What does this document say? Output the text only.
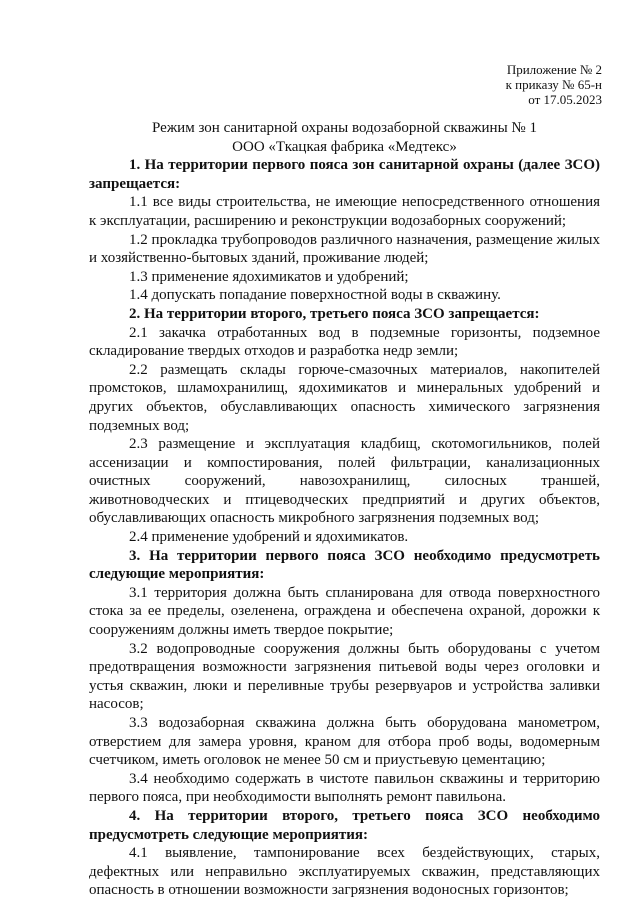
Приложение № 2
к приказу № 65-н
от 17.05.2023
Режим зон санитарной охраны водозаборной скважины № 1
ООО «Ткацкая фабрика «Медтекс»
1. На территории первого пояса зон санитарной охраны (далее ЗСО) запрещается:
1.1 все виды строительства, не имеющие непосредственного отношения к эксплуатации, расширению и реконструкции водозаборных сооружений;
1.2 прокладка трубопроводов различного назначения, размещение жилых и хозяйственно-бытовых зданий, проживание людей;
1.3 применение ядохимикатов и удобрений;
1.4 допускать попадание поверхностной воды в скважину.
2. На территории второго, третьего пояса ЗСО запрещается:
2.1 закачка отработанных вод в подземные горизонты, подземное складирование твердых отходов и разработка недр земли;
2.2 размещать склады горюче-смазочных материалов, накопителей промстоков, шламохранилищ, ядохимикатов и минеральных удобрений и других объектов, обуславливающих опасность химического загрязнения подземных вод;
2.3 размещение и эксплуатация кладбищ, скотомогильников, полей ассенизации и компостирования, полей фильтрации, канализационных очистных сооружений, навозохранилищ, силосных траншей, животноводческих и птицеводческих предприятий и других объектов, обуславливающих опасность микробного загрязнения подземных вод;
2.4 применение удобрений и ядохимикатов.
3. На территории первого пояса ЗСО необходимо предусмотреть следующие мероприятия:
3.1 территория должна быть спланирована для отвода поверхностного стока за ее пределы, озеленена, ограждена и обеспечена охраной, дорожки к сооружениям должны иметь твердое покрытие;
3.2 водопроводные сооружения должны быть оборудованы с учетом предотвращения возможности загрязнения питьевой воды через оголовки и устья скважин, люки и переливные трубы резервуаров и устройства заливки насосов;
3.3 водозаборная скважина должна быть оборудована манометром, отверстием для замера уровня, краном для отбора проб воды, водомерным счетчиком, иметь оголовок не менее 50 см и приустьевую цементацию;
3.4 необходимо содержать в чистоте павильон скважины и территорию первого пояса, при необходимости выполнять ремонт павильона.
4. На территории второго, третьего пояса ЗСО необходимо предусмотреть следующие мероприятия:
4.1 выявление, тампонирование всех бездействующих, старых, дефектных или неправильно эксплуатируемых скважин, представляющих опасность в отношении возможности загрязнения водоносных горизонтов;
